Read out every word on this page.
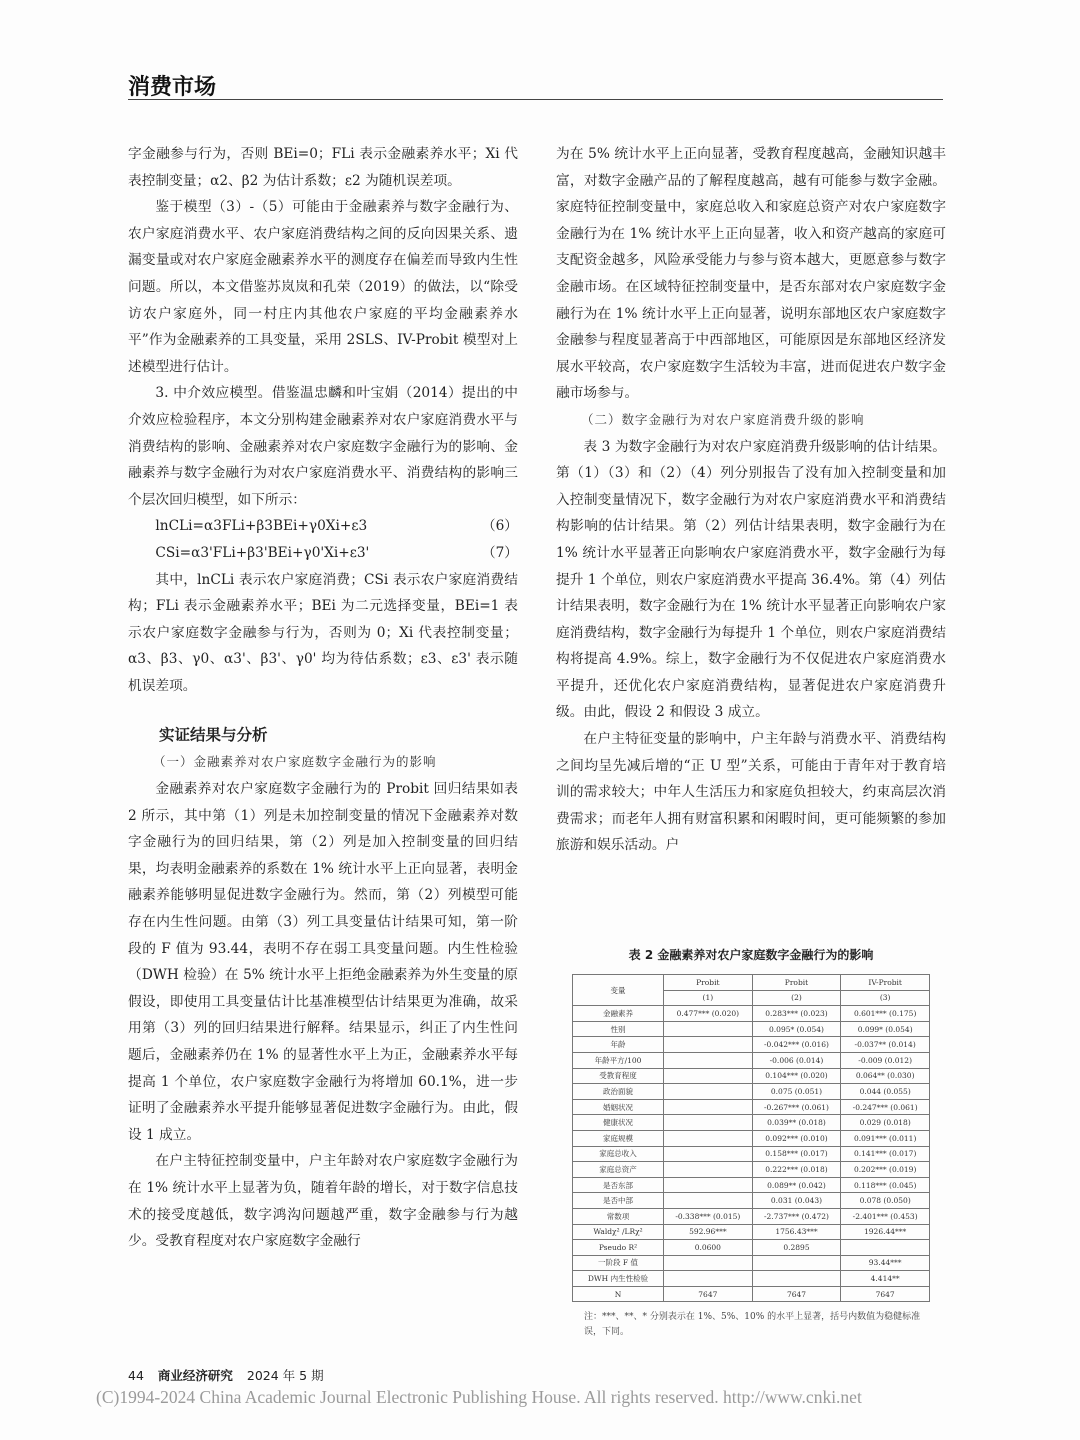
消费市场

字金融参与行为，否则 BEi=0；FLi 表示金融素养水平；Xi 代表控制变量；α2、β2 为估计系数；ε2 为随机误差项。

鉴于模型（3）-（5）可能由于金融素养与数字金融行为、农户家庭消费水平、农户家庭消费结构之间的反向因果关系、遗漏变量或对农户家庭金融素养水平的测度存在偏差而导致内生性问题。所以，本文借鉴苏岚岚和孔荣（2019）的做法，以“除受访农户家庭外，同一村庄内其他农户家庭的平均金融素养水平”作为金融素养的工具变量，采用 2SLS、IV-Probit 模型对上述模型进行估计。

3. 中介效应模型。借鉴温忠麟和叶宝娟（2014）提出的中介效应检验程序，本文分别构建金融素养对农户家庭消费水平与消费结构的影响、金融素养对农户家庭数字金融行为的影响、金融素养与数字金融行为对农户家庭消费水平、消费结构的影响三个层次回归模型，如下所示：

lnCLi=α3FLi+β3BEi+γ0Xi+ε3	（6）
CSi=α3'FLi+β3'BEi+γ0'Xi+ε3'	（7）

其中，lnCLi 表示农户家庭消费；CSi 表示农户家庭消费结构；FLi 表示金融素养水平；BEi 为二元选择变量，BEi=1 表示农户家庭数字金融参与行为，否则为 0；Xi 代表控制变量；α3、β3、γ0、α3'、β3'、γ0' 均为待估系数；ε3、ε3' 表示随机误差项。

实证结果与分析
（一）金融素养对农户家庭数字金融行为的影响

金融素养对农户家庭数字金融行为的 Probit 回归结果如表 2 所示，其中第（1）列是未加控制变量的情况下金融素养对数字金融行为的回归结果，第（2）列是加入控制变量的回归结果，均表明金融素养的系数在 1% 统计水平上正向显著，表明金融素养能够明显促进数字金融行为。然而，第（2）列模型可能存在内生性问题。由第（3）列工具变量估计结果可知，第一阶段的 F 值为 93.44，表明不存在弱工具变量问题。内生性检验（DWH 检验）在 5% 统计水平上拒绝金融素养为外生变量的原假设，即使用工具变量估计比基准模型估计结果更为准确，故采用第（3）列的回归结果进行解释。结果显示，纠正了内生性问题后，金融素养仍在 1% 的显著性水平上为正，金融素养水平每提高 1 个单位，农户家庭数字金融行为将增加 60.1%，进一步证明了金融素养水平提升能够显著促进数字金融行为。由此，假设 1 成立。

在户主特征控制变量中，户主年龄对农户家庭数字金融行为在 1% 统计水平上显著为负，随着年龄的增长，对于数字信息技术的接受度越低，数字鸿沟问题越严重，数字金融参与行为越少。受教育程度对农户家庭数字金融行

为在 5% 统计水平上正向显著，受教育程度越高，金融知识越丰富，对数字金融产品的了解程度越高，越有可能参与数字金融。家庭特征控制变量中，家庭总收入和家庭总资产对农户家庭数字金融行为在 1% 统计水平上正向显著，收入和资产越高的家庭可支配资金越多，风险承受能力与参与资本越大，更愿意参与数字金融市场。在区域特征控制变量中，是否东部对农户家庭数字金融行为在 1% 统计水平上正向显著，说明东部地区农户家庭数字金融参与程度显著高于中西部地区，可能原因是东部地区经济发展水平较高，农户家庭数字生活较为丰富，进而促进农户数字金融市场参与。

（二）数字金融行为对农户家庭消费升级的影响

表 3 为数字金融行为对农户家庭消费升级影响的估计结果。第（1）（3）和（2）（4）列分别报告了没有加入控制变量和加入控制变量情况下，数字金融行为对农户家庭消费水平和消费结构影响的估计结果。第（2）列估计结果表明，数字金融行为在 1% 统计水平显著正向影响农户家庭消费水平，数字金融行为每提升 1 个单位，则农户家庭消费水平提高 36.4%。第（4）列估计结果表明，数字金融行为在 1% 统计水平显著正向影响农户家庭消费结构，数字金融行为每提升 1 个单位，则农户家庭消费结构将提高 4.9%。综上，数字金融行为不仅促进农户家庭消费水平提升，还优化农户家庭消费结构，显著促进农户家庭消费升级。由此，假设 2 和假设 3 成立。

在户主特征变量的影响中，户主年龄与消费水平、消费结构之间均呈先减后增的“正 U 型”关系，可能由于青年对于教育培训的需求较大；中年人生活压力和家庭负担较大，约束高层次消费需求；而老年人拥有财富积累和闲暇时间，更可能频繁的参加旅游和娱乐活动。户

表 2 金融素养对农户家庭数字金融行为的影响
变量	Probit	Probit	IV-Probit
	(1)	(2)	(3)
金融素养	0.477*** (0.020)	0.283*** (0.023)	0.601*** (0.175)
性别		0.095* (0.054)	0.099* (0.054)
年龄		-0.042*** (0.016)	-0.037** (0.014)
年龄平方/100		-0.006 (0.014)	-0.009 (0.012)
受教育程度		0.104*** (0.020)	0.064** (0.030)
政治面貌		0.075 (0.051)	0.044 (0.055)
婚姻状况		-0.267*** (0.061)	-0.247*** (0.061)
健康状况		0.039** (0.018)	0.029 (0.018)
家庭规模		0.092*** (0.010)	0.091*** (0.011)
家庭总收入		0.158*** (0.017)	0.141*** (0.017)
家庭总资产		0.222*** (0.018)	0.202*** (0.019)
是否东部		0.089** (0.042)	0.118*** (0.045)
是否中部		0.031 (0.043)	0.078 (0.050)
常数项	-0.338*** (0.015)	-2.737*** (0.472)	-2.401*** (0.453)
Waldχ² /LRχ²	592.96***	1756.43***	1926.44***
Pseudo R²	0.0600	0.2895	
一阶段 F 值			93.44***
DWH 内生性检验			4.414**
N	7647	7647	7647
注：***、**、* 分别表示在 1%、5%、10% 的水平上显著，括号内数值为稳健标准误，下同。
44 商业经济研究 2024 年 5 期
(C)1994-2024 China Academic Journal Electronic Publishing House. All rights reserved. http://www.cnki.net
